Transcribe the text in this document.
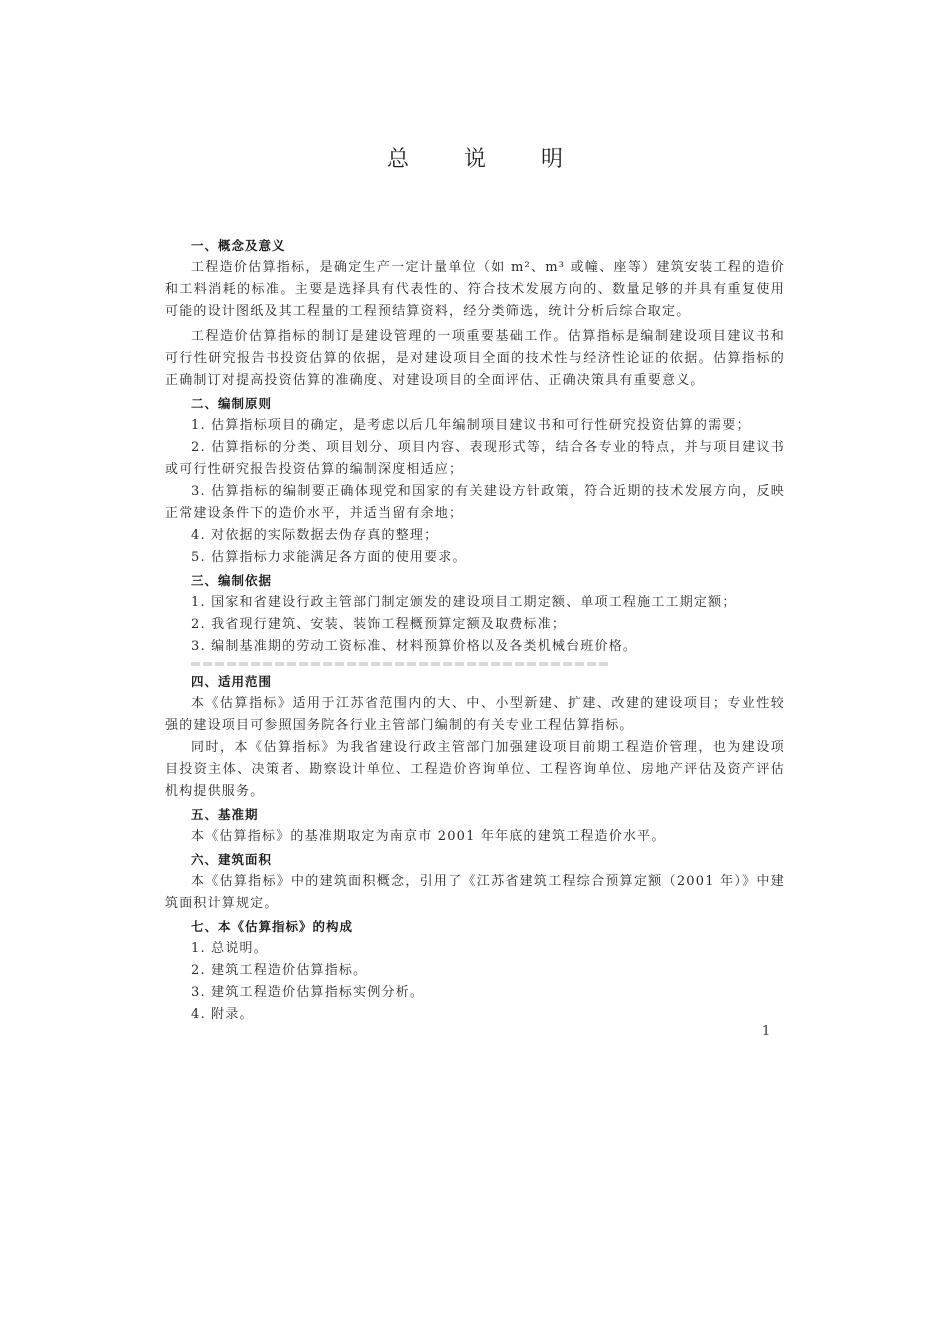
总 说 明
一、概念及意义

工程造价估算指标，是确定生产一定计量单位（如 m²、m³ 或幢、座等）建筑安装工程的造价和工料消耗的标准。主要是选择具有代表性的、符合技术发展方向的、数量足够的并具有重复使用可能的设计图纸及其工程量的工程预结算资料，经分类筛选，统计分析后综合取定。

工程造价估算指标的制订是建设管理的一项重要基础工作。估算指标是编制建设项目建议书和可行性研究报告书投资估算的依据，是对建设项目全面的技术性与经济性论证的依据。估算指标的正确制订对提高投资估算的准确度、对建设项目的全面评估、正确决策具有重要意义。

二、编制原则

1. 估算指标项目的确定，是考虑以后几年编制项目建议书和可行性研究投资估算的需要；

2. 估算指标的分类、项目划分、项目内容、表现形式等，结合各专业的特点，并与项目建议书或可行性研究报告投资估算的编制深度相适应；

3. 估算指标的编制要正确体现党和国家的有关建设方针政策，符合近期的技术发展方向，反映正常建设条件下的造价水平，并适当留有余地；

4. 对依据的实际数据去伪存真的整理；

5. 估算指标力求能满足各方面的使用要求。

三、编制依据

1. 国家和省建设行政主管部门制定颁发的建设项目工期定额、单项工程施工工期定额；

2. 我省现行建筑、安装、装饰工程概预算定额及取费标准；

3. 编制基准期的劳动工资标准、材料预算价格以及各类机械台班价格。

四、适用范围

本《估算指标》适用于江苏省范围内的大、中、小型新建、扩建、改建的建设项目；专业性较强的建设项目可参照国务院各行业主管部门编制的有关专业工程估算指标。

同时，本《估算指标》为我省建设行政主管部门加强建设项目前期工程造价管理，也为建设项目投资主体、决策者、勘察设计单位、工程造价咨询单位、工程咨询单位、房地产评估及资产评估机构提供服务。

五、基准期

本《估算指标》的基准期取定为南京市 2001 年年底的建筑工程造价水平。

六、建筑面积

本《估算指标》中的建筑面积概念，引用了《江苏省建筑工程综合预算定额（2001 年）》中建筑面积计算规定。

七、本《估算指标》的构成

1. 总说明。

2. 建筑工程造价估算指标。

3. 建筑工程造价估算指标实例分析。

4. 附录。

1
